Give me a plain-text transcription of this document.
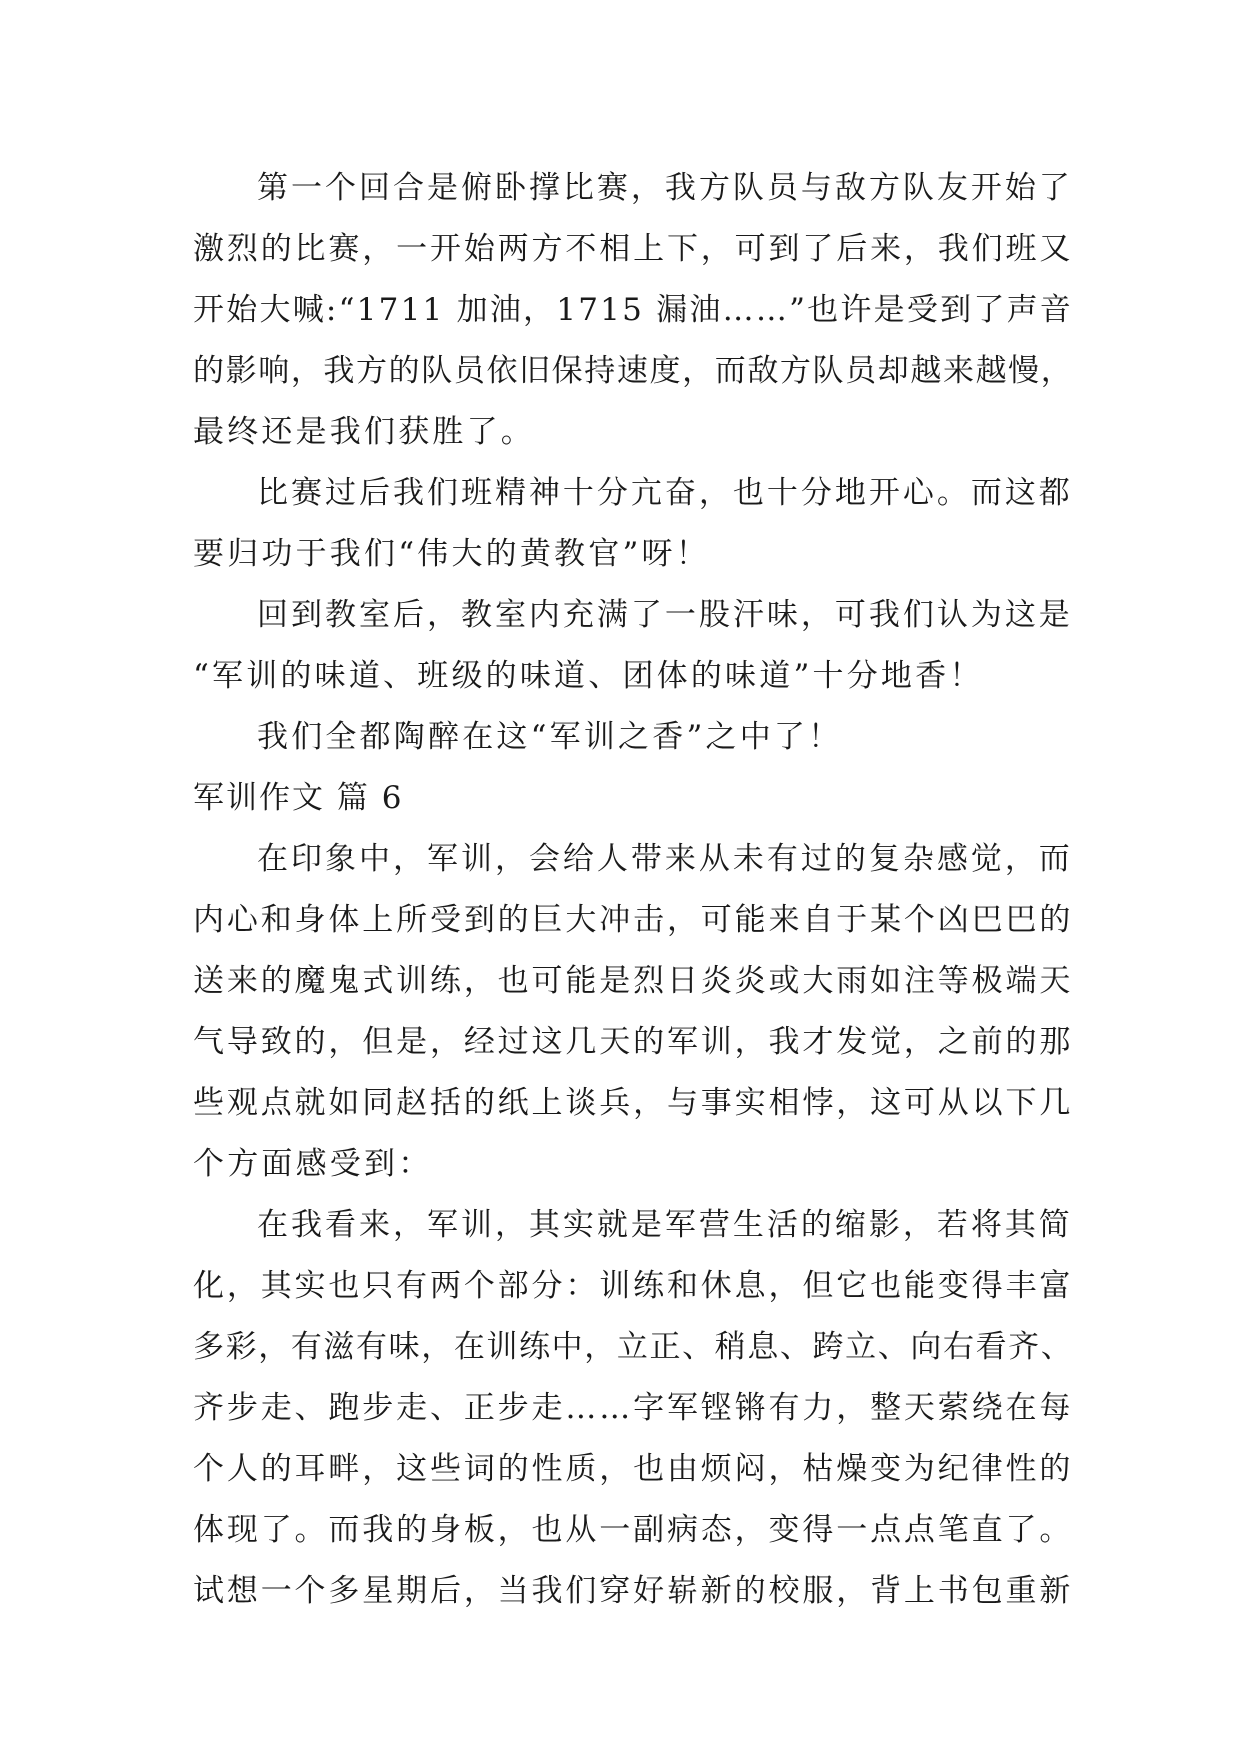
第一个回合是俯卧撑比赛，我方队员与敌方队友开始了
激烈的比赛，一开始两方不相上下，可到了后来，我们班又
开始大喊:“1711 加油，1715 漏油……”也许是受到了声音
的影响，我方的队员依旧保持速度，而敌方队员却越来越慢，
最终还是我们获胜了。
比赛过后我们班精神十分亢奋，也十分地开心。而这都
要归功于我们“伟大的黄教官”呀！
回到教室后，教室内充满了一股汗味，可我们认为这是
“军训的味道、班级的味道、团体的味道”十分地香！
我们全都陶醉在这“军训之香”之中了！
军训作文 篇 6
在印象中，军训，会给人带来从未有过的复杂感觉，而
内心和身体上所受到的巨大冲击，可能来自于某个凶巴巴的
送来的魔鬼式训练，也可能是烈日炎炎或大雨如注等极端天
气导致的，但是，经过这几天的军训，我才发觉，之前的那
些观点就如同赵括的纸上谈兵，与事实相悖，这可从以下几
个方面感受到：
在我看来，军训，其实就是军营生活的缩影，若将其简
化，其实也只有两个部分：训练和休息，但它也能变得丰富
多彩，有滋有味，在训练中，立正、稍息、跨立、向右看齐、
齐步走、跑步走、正步走……字军铿锵有力，整天萦绕在每
个人的耳畔，这些词的性质，也由烦闷，枯燥变为纪律性的
体现了。而我的身板，也从一副病态，变得一点点笔直了。
试想一个多星期后，当我们穿好崭新的校服，背上书包重新
